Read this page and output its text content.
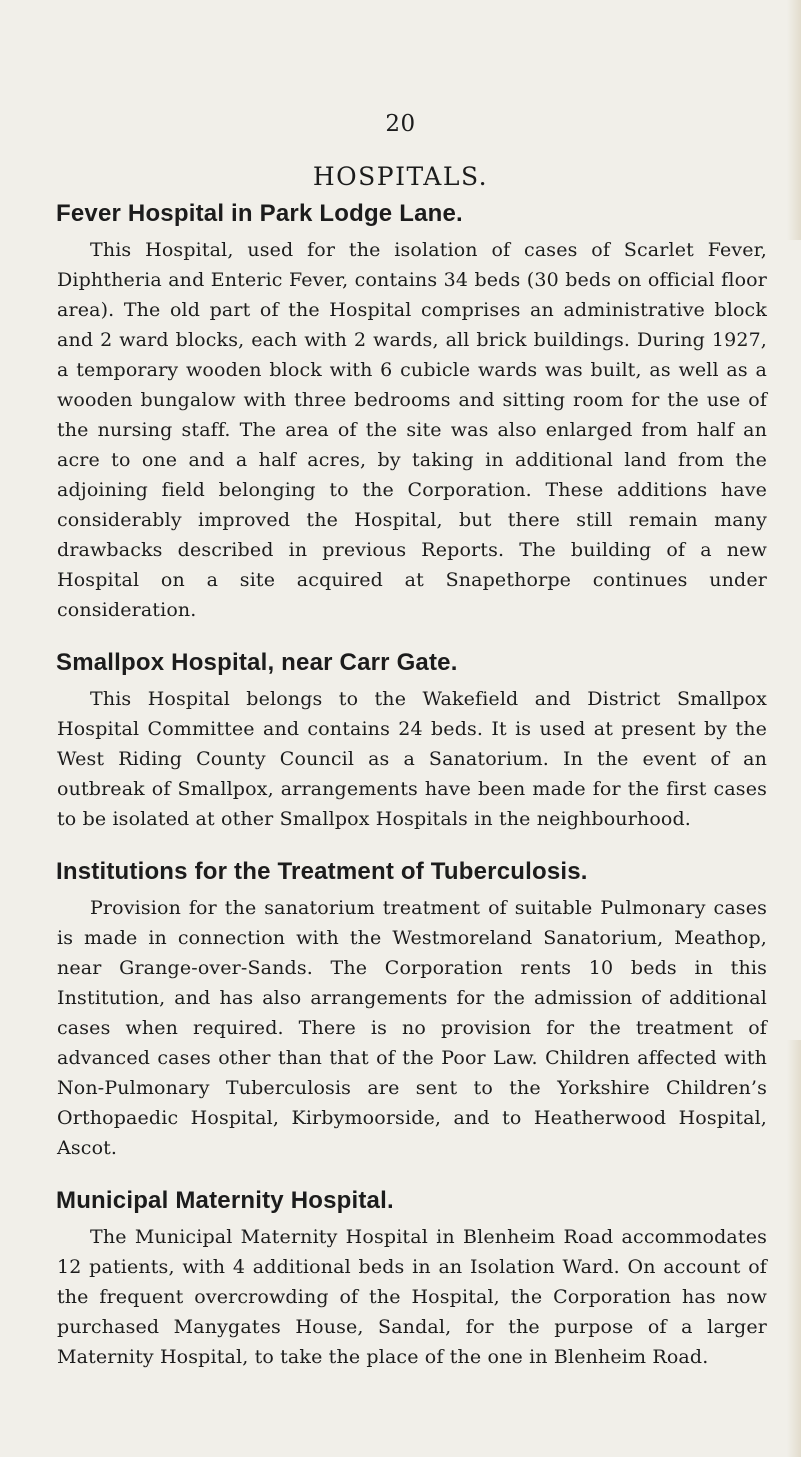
20
HOSPITALS.
Fever Hospital in Park Lodge Lane.

This Hospital, used for the isolation of cases of Scarlet Fever, Diphtheria and Enteric Fever, contains 34 beds (30 beds on official floor area). The old part of the Hospital comprises an administrative block and 2 ward blocks, each with 2 wards, all brick buildings. During 1927, a temporary wooden block with 6 cubicle wards was built, as well as a wooden bungalow with three bedrooms and sitting room for the use of the nursing staff. The area of the site was also enlarged from half an acre to one and a half acres, by taking in additional land from the adjoining field belonging to the Corporation. These additions have considerably improved the Hospital, but there still remain many drawbacks described in previous Reports. The building of a new Hospital on a site acquired at Snapethorpe continues under consideration.

Smallpox Hospital, near Carr Gate.

This Hospital belongs to the Wakefield and District Smallpox Hospital Committee and contains 24 beds. It is used at present by the West Riding County Council as a Sanatorium. In the event of an outbreak of Smallpox, arrangements have been made for the first cases to be isolated at other Smallpox Hospitals in the neighbourhood.

Institutions for the Treatment of Tuberculosis.

Provision for the sanatorium treatment of suitable Pulmonary cases is made in connection with the Westmoreland Sanatorium, Meathop, near Grange-over-Sands. The Corporation rents 10 beds in this Institution, and has also arrangements for the admission of additional cases when required. There is no provision for the treatment of advanced cases other than that of the Poor Law. Children affected with Non-Pulmonary Tuberculosis are sent to the Yorkshire Children’s Orthopaedic Hospital, Kirbymoorside, and to Heatherwood Hospital, Ascot.

Municipal Maternity Hospital.

The Municipal Maternity Hospital in Blenheim Road accommodates 12 patients, with 4 additional beds in an Isolation Ward. On account of the frequent overcrowding of the Hospital, the Corporation has now purchased Manygates House, Sandal, for the purpose of a larger Maternity Hospital, to take the place of the one in Blenheim Road.
